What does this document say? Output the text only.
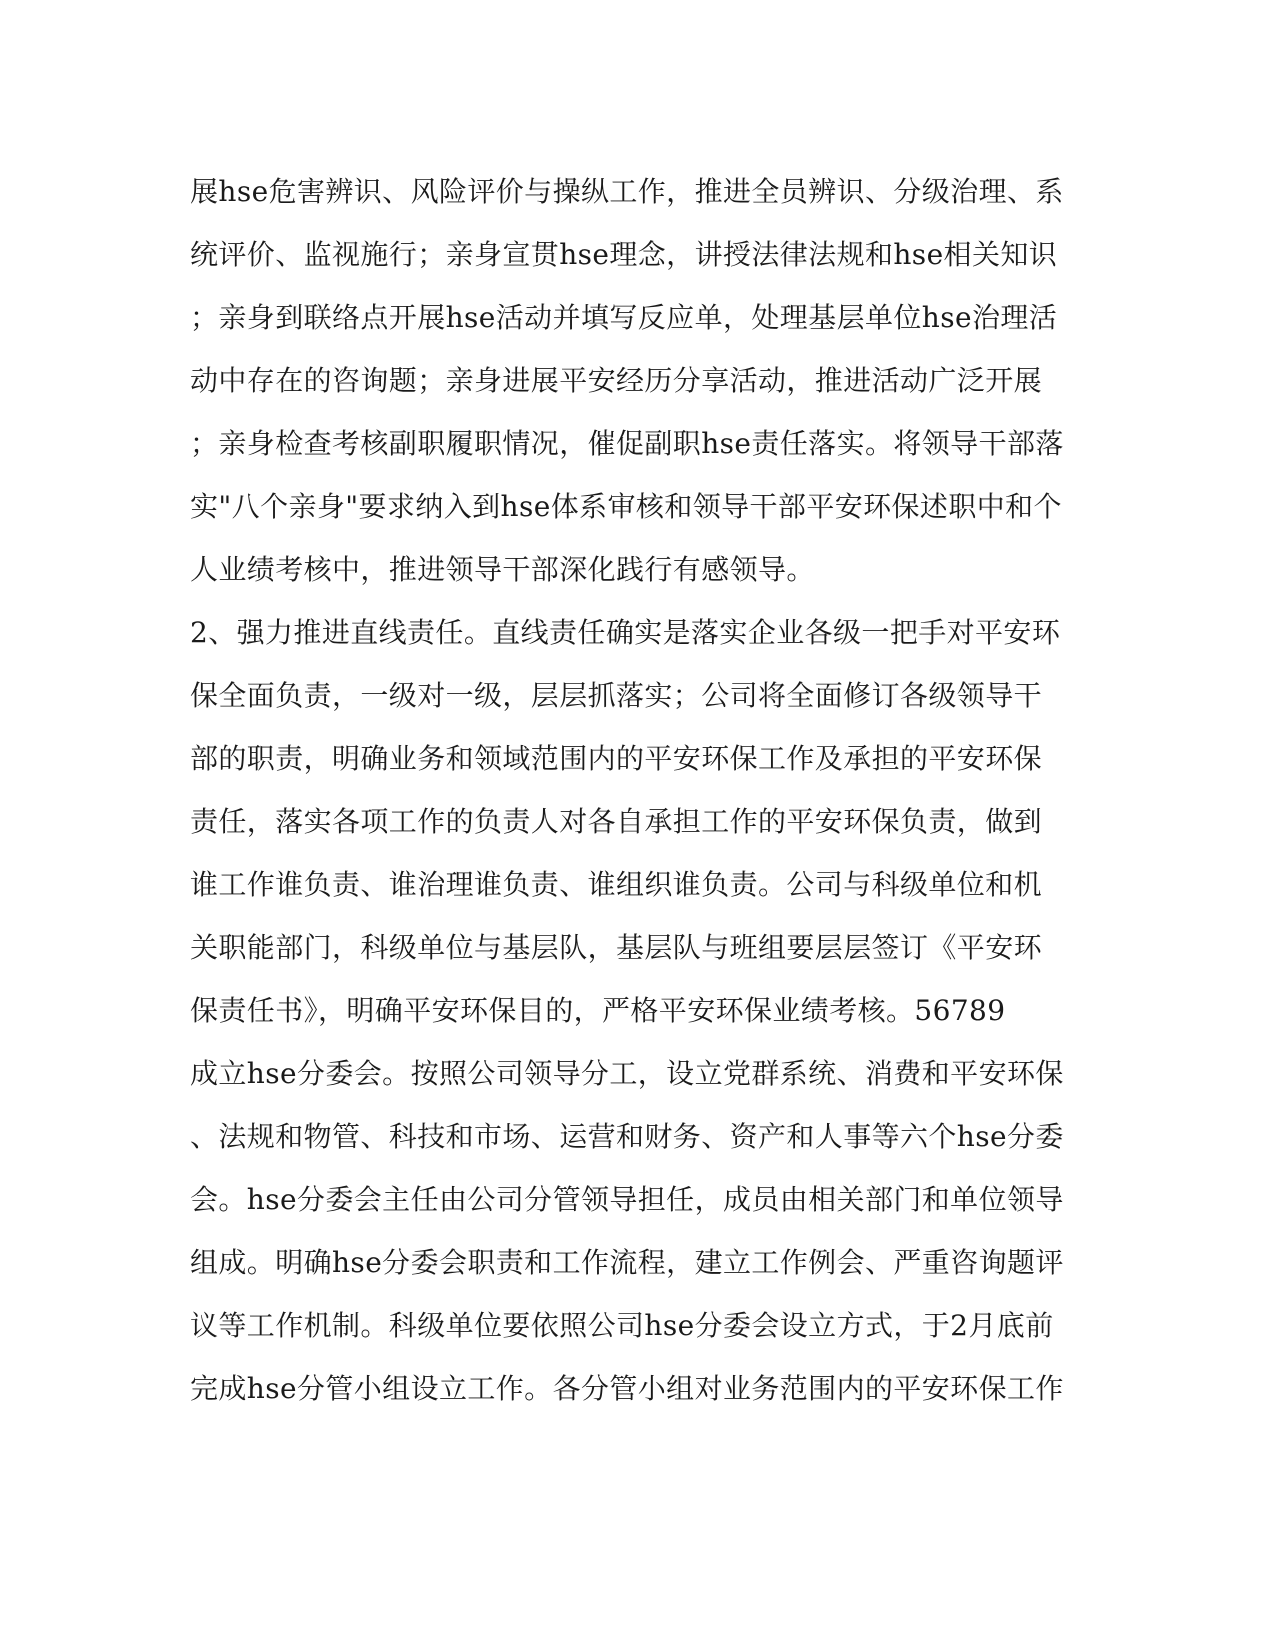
展hse危害辨识、风险评价与操纵工作，推进全员辨识、分级治理、系
统评价、监视施行；亲身宣贯hse理念，讲授法律法规和hse相关知识
；亲身到联络点开展hse活动并填写反应单，处理基层单位hse治理活
动中存在的咨询题；亲身进展平安经历分享活动，推进活动广泛开展
；亲身检查考核副职履职情况，催促副职hse责任落实。将领导干部落
实"八个亲身"要求纳入到hse体系审核和领导干部平安环保述职中和个
人业绩考核中，推进领导干部深化践行有感领导。
2、强力推进直线责任。直线责任确实是落实企业各级一把手对平安环
保全面负责，一级对一级，层层抓落实；公司将全面修订各级领导干
部的职责，明确业务和领域范围内的平安环保工作及承担的平安环保
责任，落实各项工作的负责人对各自承担工作的平安环保负责，做到
谁工作谁负责、谁治理谁负责、谁组织谁负责。公司与科级单位和机
关职能部门，科级单位与基层队，基层队与班组要层层签订《平安环
保责任书》，明确平安环保目的，严格平安环保业绩考核。56789
成立hse分委会。按照公司领导分工，设立党群系统、消费和平安环保
、法规和物管、科技和市场、运营和财务、资产和人事等六个hse分委
会。hse分委会主任由公司分管领导担任，成员由相关部门和单位领导
组成。明确hse分委会职责和工作流程，建立工作例会、严重咨询题评
议等工作机制。科级单位要依照公司hse分委会设立方式，于2月底前
完成hse分管小组设立工作。各分管小组对业务范围内的平安环保工作
